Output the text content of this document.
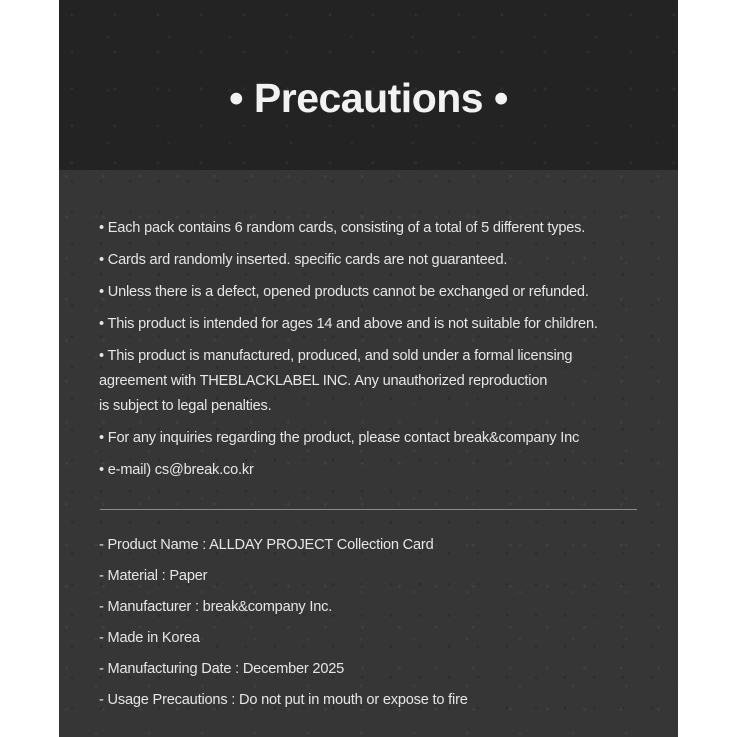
• Precautions •
• Each pack contains 6 random cards, consisting of a total of 5 different types.
• Cards ard randomly inserted. specific cards are not guaranteed.
• Unless there is a defect, opened products cannot be exchanged or refunded.
• This product is intended for ages 14 and above and is not suitable for children.
• This product is manufactured, produced, and sold under a formal licensing
agreement with THEBLACKLABEL INC. Any unauthorized reproduction
is subject to legal penalties.
• For any inquiries regarding the product, please contact break&company Inc
• e-mail) cs@break.co.kr
- Product Name : ALLDAY PROJECT Collection Card
- Material : Paper
- Manufacturer : break&company Inc.
- Made in Korea
- Manufacturing Date : December 2025
- Usage Precautions : Do not put in mouth or expose to fire
